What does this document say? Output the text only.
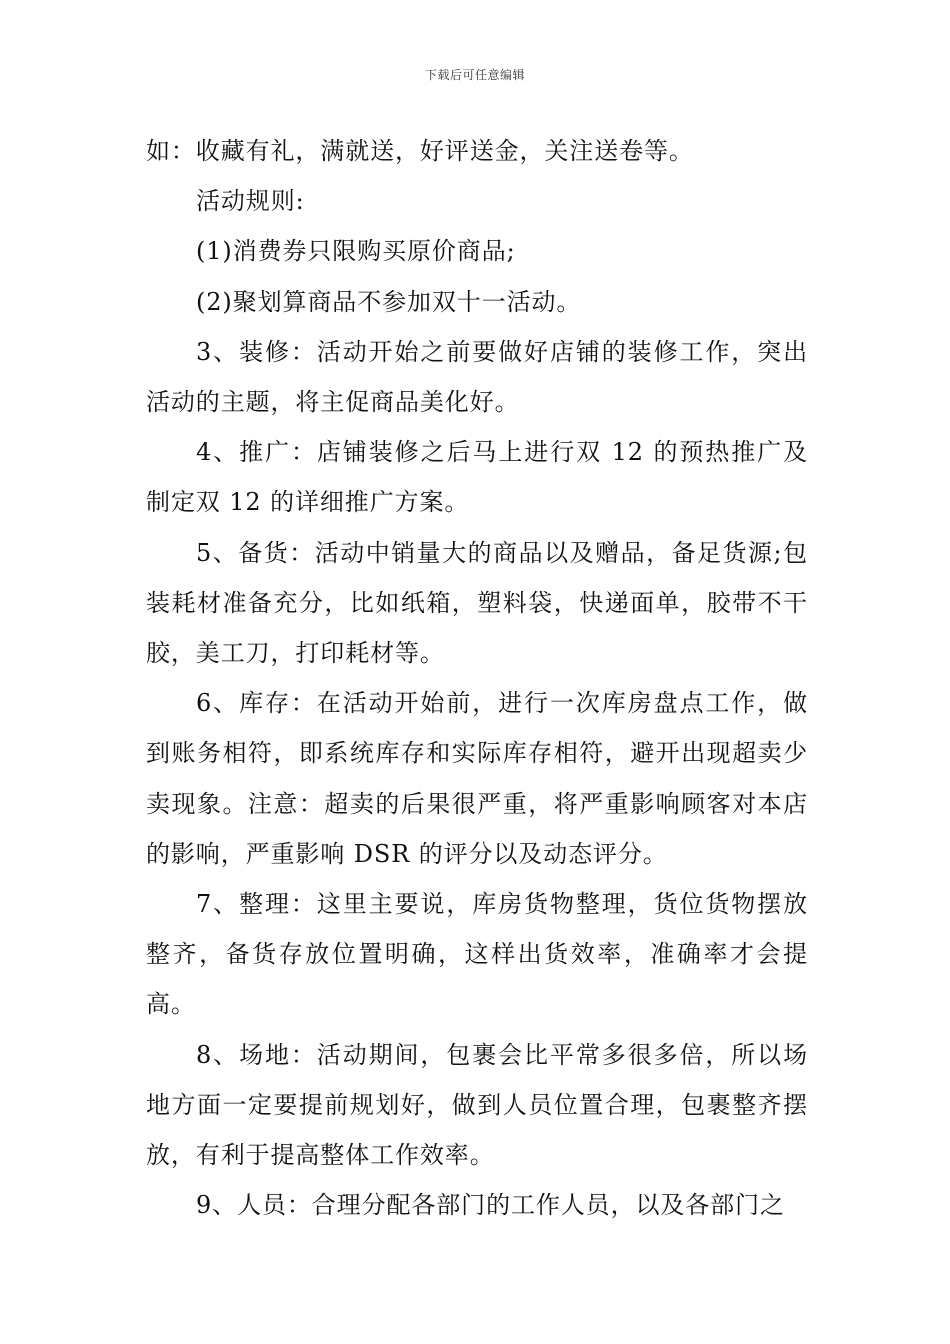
下载后可任意编辑

如：收藏有礼，满就送，好评送金，关注送卷等。

活动规则:

(1)消费券只限购买原价商品;

(2)聚划算商品不参加双十一活动。

3、装修：活动开始之前要做好店铺的装修工作，突出活动的主题，将主促商品美化好。

4、推广：店铺装修之后马上进行双 12 的预热推广及制定双 12 的详细推广方案。

5、备货：活动中销量大的商品以及赠品，备足货源;包装耗材准备充分，比如纸箱，塑料袋，快递面单，胶带不干胶，美工刀，打印耗材等。

6、库存：在活动开始前，进行一次库房盘点工作，做到账务相符，即系统库存和实际库存相符，避开出现超卖少卖现象。注意：超卖的后果很严重，将严重影响顾客对本店的影响，严重影响 DSR 的评分以及动态评分。

7、整理：这里主要说，库房货物整理，货位货物摆放整齐，备货存放位置明确，这样出货效率，准确率才会提高。

8、场地：活动期间，包裹会比平常多很多倍，所以场地方面一定要提前规划好，做到人员位置合理，包裹整齐摆放，有利于提高整体工作效率。

9、人员：合理分配各部门的工作人员，以及各部门之
